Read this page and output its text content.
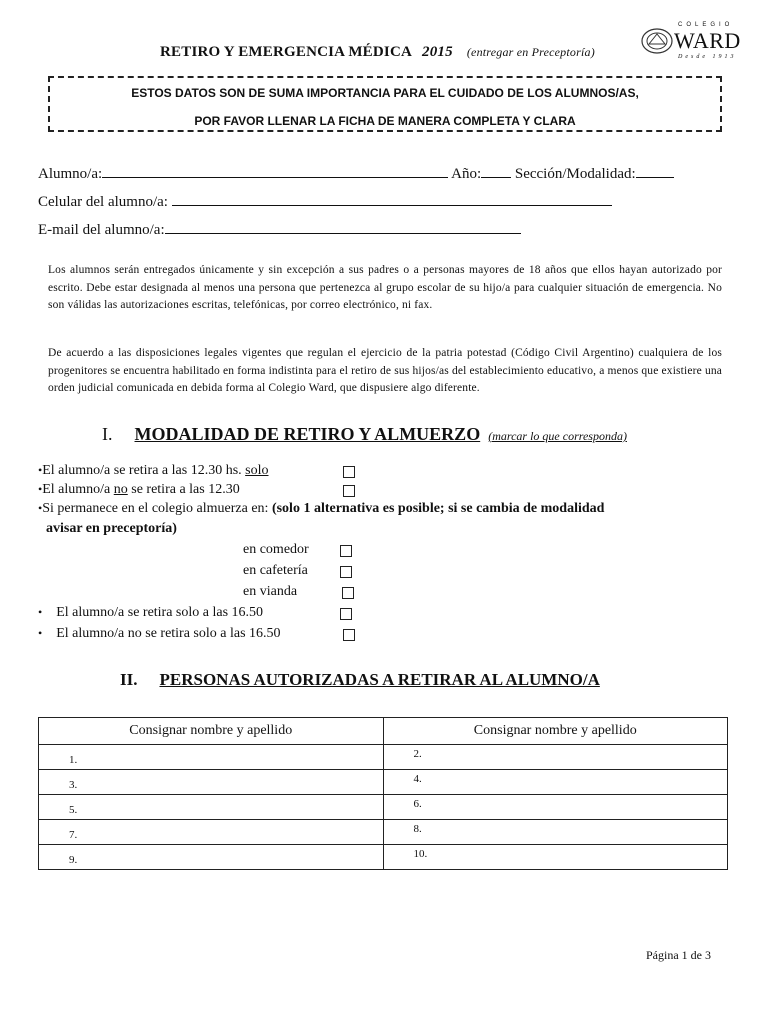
RETIRO Y EMERGENCIA MÉDICA 2015 (entregar en Preceptoría)
COLEGIO
WARD
Desde 1913
ESTOS DATOS SON DE SUMA IMPORTANCIA PARA EL CUIDADO DE LOS ALUMNOS/AS,
POR FAVOR LLENAR LA FICHA DE MANERA COMPLETA Y CLARA
Alumno/a:	Año: Sección/Modalidad:
Celular del alumno/a:
E-mail del alumno/a:
Los alumnos serán entregados únicamente y sin excepción a sus padres o a personas mayores de 18 años que ellos hayan autorizado por escrito. Debe estar designada al menos una persona que pertenezca al grupo escolar de su hijo/a para cualquier situación de emergencia. No son válidas las autorizaciones escritas, telefónicas, por correo electrónico, ni fax.
De acuerdo a las disposiciones legales vigentes que regulan el ejercicio de la patria potestad (Código Civil Argentino) cualquiera de los progenitores se encuentra habilitado en forma indistinta para el retiro de sus hijos/as del establecimiento educativo, a menos que existiere una orden judicial comunicada en debida forma al Colegio Ward, que dispusiere algo diferente.
I. MODALIDAD DE RETIRO Y ALMUERZO (marcar lo que corresponda)
•El alumno/a se retira a las 12.30 hs. solo
•El alumno/a no se retira a las 12.30
•Si permanece en el colegio almuerza en: (solo 1 alternativa es posible; si se cambia de modalidad
avisar en preceptoría)
en comedor
en cafetería
en vianda
• El alumno/a se retira solo a las 16.50
• El alumno/a no se retira solo a las 16.50
II. PERSONAS AUTORIZADAS A RETIRAR AL ALUMNO/A
Consignar nombre y apellido	Consignar nombre y apellido

1.	2.

3.	4.

5.	6.

7.	8.

9.	10.
Página 1 de 3
